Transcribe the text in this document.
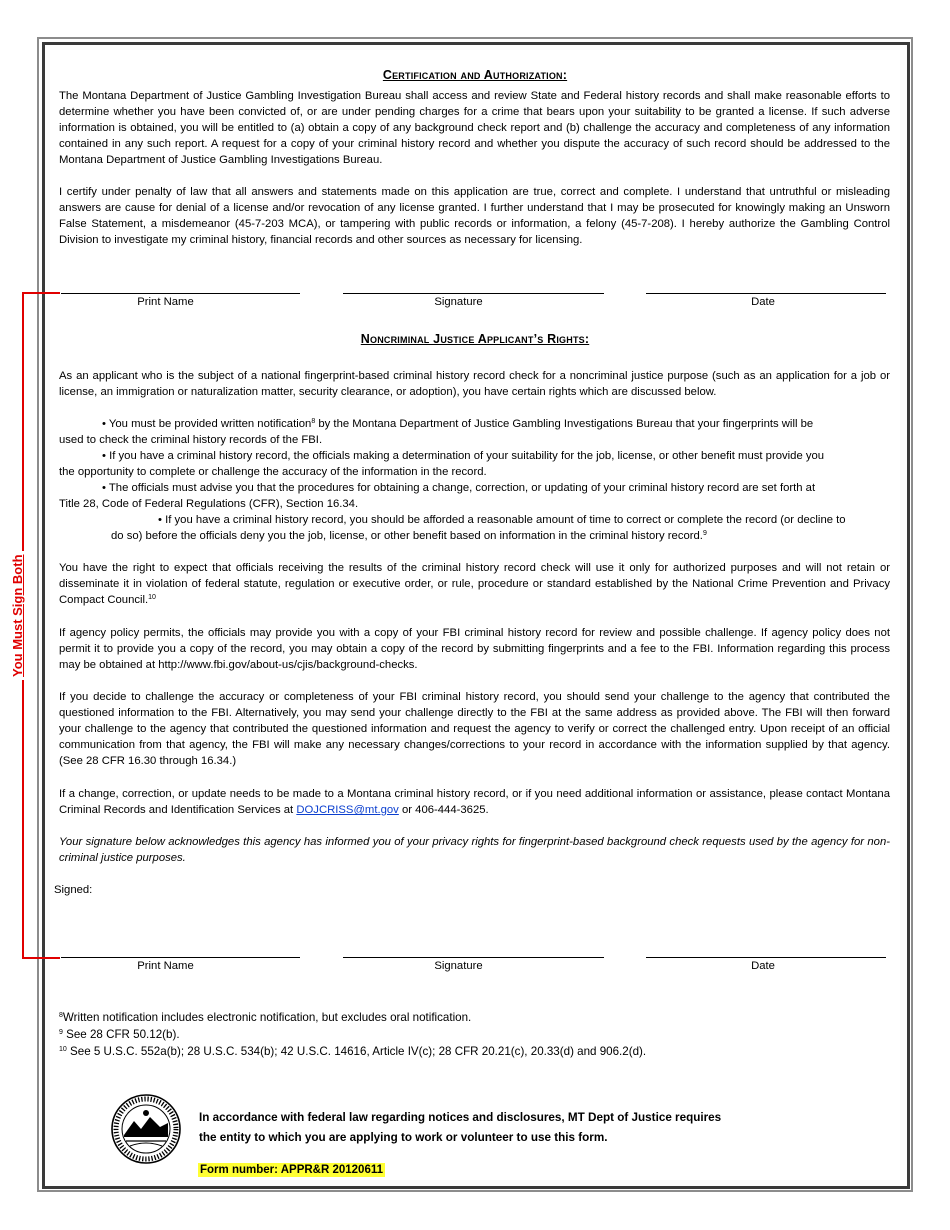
Certification and Authorization:

The Montana Department of Justice Gambling Investigation Bureau shall access and review State and Federal history records and shall make reasonable efforts to determine whether you have been convicted of, or are under pending charges for a crime that bears upon your suitability to be granted a license. If such adverse information is obtained, you will be entitled to (a) obtain a copy of any background check report and (b) challenge the accuracy and completeness of any information contained in any such report. A request for a copy of your criminal history record and whether you dispute the accuracy of such record should be addressed to the Montana Department of Justice Gambling Investigations Bureau.

I certify under penalty of law that all answers and statements made on this application are true, correct and complete. I understand that untruthful or misleading answers are cause for denial of a license and/or revocation of any license granted. I further understand that I may be prosecuted for knowingly making an Unsworn False Statement, a misdemeanor (45-7-203 MCA), or tampering with public records or information, a felony (45-7-208). I hereby authorize the Gambling Control Division to investigate my criminal history, financial records and other sources as necessary for licensing.

Print Name	Signature	Date
Noncriminal Justice Applicant’s Rights:

As an applicant who is the subject of a national fingerprint-based criminal history record check for a noncriminal justice purpose (such as an application for a job or license, an immigration or naturalization matter, security clearance, or adoption), you have certain rights which are discussed below.

• You must be provided written notification$^8$ by the Montana Department of Justice Gambling Investigations Bureau that your fingerprints will be
used to check the criminal history records of the FBI.
• If you have a criminal history record, the officials making a determination of your suitability for the job, license, or other benefit must provide you
the opportunity to complete or challenge the accuracy of the information in the record.
• The officials must advise you that the procedures for obtaining a change, correction, or updating of your criminal history record are set forth at
Title 28, Code of Federal Regulations (CFR), Section 16.34.
• If you have a criminal history record, you should be afforded a reasonable amount of time to correct or complete the record (or decline to
do so) before the officials deny you the job, license, or other benefit based on information in the criminal history record.$^9$

You have the right to expect that officials receiving the results of the criminal history record check will use it only for authorized purposes and will not retain or disseminate it in violation of federal statute, regulation or executive order, or rule, procedure or standard established by the National Crime Prevention and Privacy Compact Council.$^{10}$

If agency policy permits, the officials may provide you with a copy of your FBI criminal history record for review and possible challenge. If agency policy does not permit it to provide you a copy of the record, you may obtain a copy of the record by submitting fingerprints and a fee to the FBI. Information regarding this process may be obtained at http://www.fbi.gov/about-us/cjis/background-checks.

If you decide to challenge the accuracy or completeness of your FBI criminal history record, you should send your challenge to the agency that contributed the questioned information to the FBI. Alternatively, you may send your challenge directly to the FBI at the same address as provided above. The FBI will then forward your challenge to the agency that contributed the questioned information and request the agency to verify or correct the challenged entry. Upon receipt of an official communication from that agency, the FBI will make any necessary changes/corrections to your record in accordance with the information supplied by that agency. (See 28 CFR 16.30 through 16.34.)

If a change, correction, or update needs to be made to a Montana criminal history record, or if you need additional information or assistance, please contact Montana Criminal Records and Identification Services at DOJCRISS@mt.gov or 406-444-3625.

Your signature below acknowledges this agency has informed you of your privacy rights for fingerprint-based background check requests used by the agency for non-criminal justice purposes.

Signed:
Print Name	Signature	Date
You Must Sign Both
$^8$Written notification includes electronic notification, but excludes oral notification.
$^9$ See 28 CFR 50.12(b).
$^{10}$ See 5 U.S.C. 552a(b); 28 U.S.C. 534(b); 42 U.S.C. 14616, Article IV(c); 28 CFR 20.21(c), 20.33(d) and 906.2(d).
In accordance with federal law regarding notices and disclosures, MT Dept of Justice requires
the entity to which you are applying to work or volunteer to use this form.
Form number: APPR&R 20120611
